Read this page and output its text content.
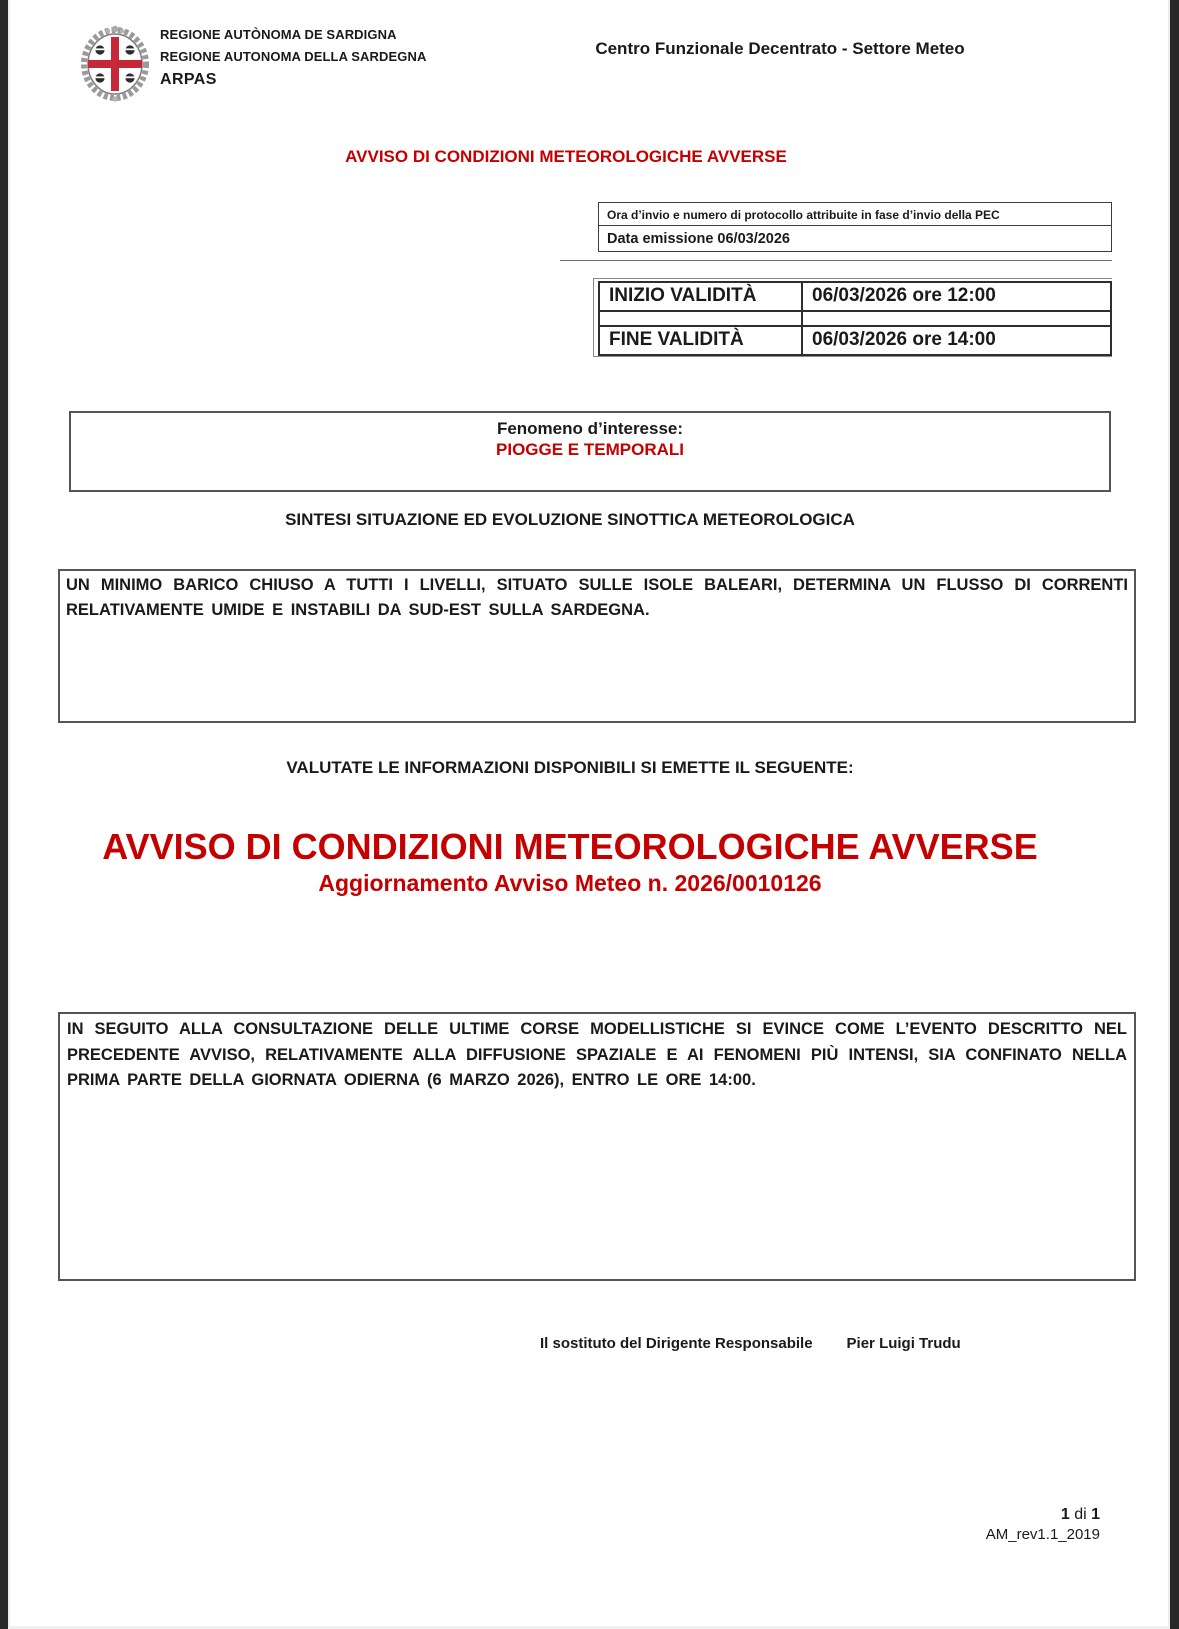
REGIONE AUTÒNOMA DE SARDIGNA
REGIONE AUTONOMA DELLA SARDEGNA
ARPAS
Centro Funzionale Decentrato - Settore Meteo
AVVISO DI CONDIZIONI METEOROLOGICHE AVVERSE
Ora d’invio e numero di protocollo attribuite in fase d’invio della PEC
Data emissione 06/03/2026
INIZIO VALIDITÀ	06/03/2026 ore 12:00

FINE VALIDITÀ	06/03/2026 ore 14:00
Fenomeno d’interesse:
PIOGGE E TEMPORALI
SINTESI SITUAZIONE ED EVOLUZIONE SINOTTICA METEOROLOGICA
UN MINIMO BARICO CHIUSO A TUTTI I LIVELLI, SITUATO SULLE ISOLE BALEARI, DETERMINA UN FLUSSO DI CORRENTI RELATIVAMENTE UMIDE E INSTABILI DA SUD-EST SULLA SARDEGNA.
VALUTATE LE INFORMAZIONI DISPONIBILI SI EMETTE IL SEGUENTE:
AVVISO DI CONDIZIONI METEOROLOGICHE AVVERSE
Aggiornamento Avviso Meteo n. 2026/0010126
IN SEGUITO ALLA CONSULTAZIONE DELLE ULTIME CORSE MODELLISTICHE SI EVINCE COME L’EVENTO DESCRITTO NEL PRECEDENTE AVVISO, RELATIVAMENTE ALLA DIFFUSIONE SPAZIALE E AI FENOMENI PIÙ INTENSI, SIA CONFINATO NELLA PRIMA PARTE DELLA GIORNATA ODIERNA (6 MARZO 2026), ENTRO LE ORE 14:00.
Il sostituto del Dirigente Responsabile Pier Luigi Trudu
1 di 1
AM_rev1.1_2019
